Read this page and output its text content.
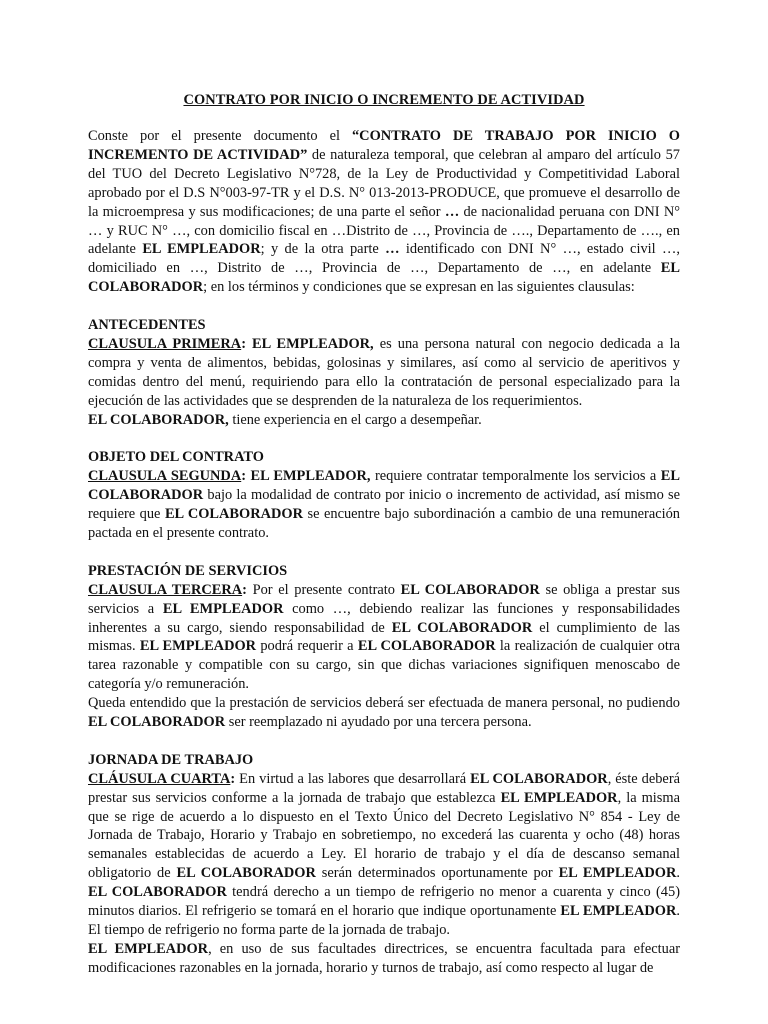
CONTRATO POR INICIO O INCREMENTO DE ACTIVIDAD

Conste por el presente documento el “CONTRATO DE TRABAJO POR INICIO O INCREMENTO DE ACTIVIDAD” de naturaleza temporal, que celebran al amparo del artículo 57 del TUO del Decreto Legislativo N°728, de la Ley de Productividad y Competitividad Laboral aprobado por el D.S N°003-97-TR y el D.S. N° 013-2013-PRODUCE, que promueve el desarrollo de la microempresa y sus modificaciones; de una parte el señor … de nacionalidad peruana con DNI N° … y RUC N° …, con domicilio fiscal en …Distrito de …, Provincia de …., Departamento de …., en adelante EL EMPLEADOR; y de la otra parte … identificado con DNI N° …, estado civil …, domiciliado en …, Distrito de …, Provincia de …, Departamento de …, en adelante EL COLABORADOR; en los términos y condiciones que se expresan en las siguientes clausulas:

ANTECEDENTES

CLAUSULA PRIMERA: EL EMPLEADOR, es una persona natural con negocio dedicada a la compra y venta de alimentos, bebidas, golosinas y similares, así como al servicio de aperitivos y comidas dentro del menú, requiriendo para ello la contratación de personal especializado para la ejecución de las actividades que se desprenden de la naturaleza de los requerimientos.

EL COLABORADOR, tiene experiencia en el cargo a desempeñar.

OBJETO DEL CONTRATO

CLAUSULA SEGUNDA: EL EMPLEADOR, requiere contratar temporalmente los servicios a EL COLABORADOR bajo la modalidad de contrato por inicio o incremento de actividad, así mismo se requiere que EL COLABORADOR se encuentre bajo subordinación a cambio de una remuneración pactada en el presente contrato.

PRESTACIÓN DE SERVICIOS

CLAUSULA TERCERA: Por el presente contrato EL COLABORADOR se obliga a prestar sus servicios a EL EMPLEADOR como …, debiendo realizar las funciones y responsabilidades inherentes a su cargo, siendo responsabilidad de EL COLABORADOR el cumplimiento de las mismas. EL EMPLEADOR podrá requerir a EL COLABORADOR la realización de cualquier otra tarea razonable y compatible con su cargo, sin que dichas variaciones signifiquen menoscabo de categoría y/o remuneración.

Queda entendido que la prestación de servicios deberá ser efectuada de manera personal, no pudiendo EL COLABORADOR ser reemplazado ni ayudado por una tercera persona.

JORNADA DE TRABAJO

CLÁUSULA CUARTA: En virtud a las labores que desarrollará EL COLABORADOR, éste deberá prestar sus servicios conforme a la jornada de trabajo que establezca EL EMPLEADOR, la misma que se rige de acuerdo a lo dispuesto en el Texto Único del Decreto Legislativo N° 854 - Ley de Jornada de Trabajo, Horario y Trabajo en sobretiempo, no excederá las cuarenta y ocho (48) horas semanales establecidas de acuerdo a Ley. El horario de trabajo y el día de descanso semanal obligatorio de EL COLABORADOR serán determinados oportunamente por EL EMPLEADOR. EL COLABORADOR tendrá derecho a un tiempo de refrigerio no menor a cuarenta y cinco (45) minutos diarios. El refrigerio se tomará en el horario que indique oportunamente EL EMPLEADOR. El tiempo de refrigerio no forma parte de la jornada de trabajo.

EL EMPLEADOR, en uso de sus facultades directrices, se encuentra facultada para efectuar modificaciones razonables en la jornada, horario y turnos de trabajo, así como respecto al lugar de
